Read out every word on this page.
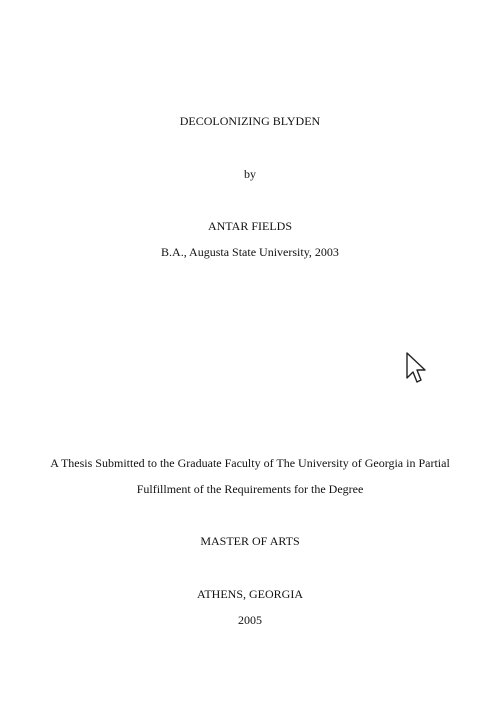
DECOLONIZING BLYDEN
by
ANTAR FIELDS
B.A., Augusta State University, 2003
A Thesis Submitted to the Graduate Faculty of The University of Georgia in Partial
Fulfillment of the Requirements for the Degree
MASTER OF ARTS
ATHENS, GEORGIA
2005
